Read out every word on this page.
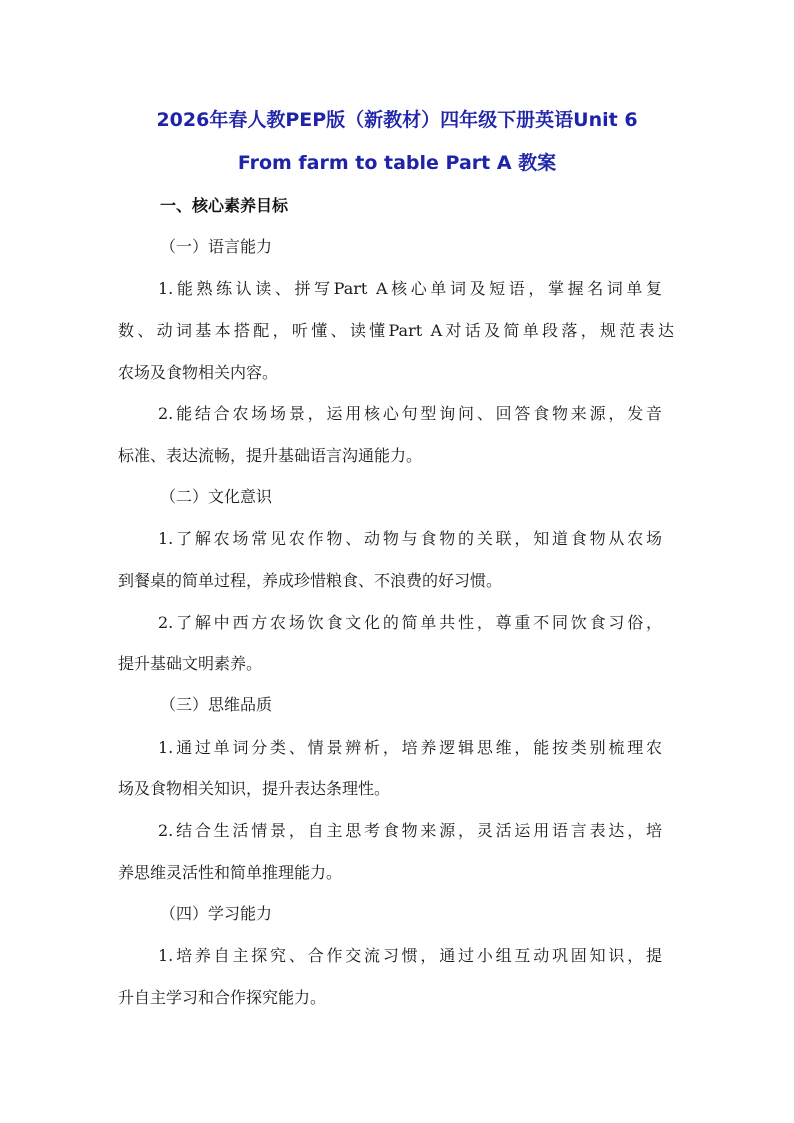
2026年春人教PEP版（新教材）四年级下册英语Unit 6
From farm to table Part A 教案
一、核心素养目标
（一）语言能力
1.能熟练认读、拼写Part A核心单词及短语，掌握名词单复
数、动词基本搭配，听懂、读懂Part A对话及简单段落，规范表达
农场及食物相关内容。
2.能结合农场场景，运用核心句型询问、回答食物来源，发音
标准、表达流畅，提升基础语言沟通能力。
（二）文化意识
1.了解农场常见农作物、动物与食物的关联，知道食物从农场
到餐桌的简单过程，养成珍惜粮食、不浪费的好习惯。
2.了解中西方农场饮食文化的简单共性，尊重不同饮食习俗，
提升基础文明素养。
（三）思维品质
1.通过单词分类、情景辨析，培养逻辑思维，能按类别梳理农
场及食物相关知识，提升表达条理性。
2.结合生活情景，自主思考食物来源，灵活运用语言表达，培
养思维灵活性和简单推理能力。
（四）学习能力
1.培养自主探究、合作交流习惯，通过小组互动巩固知识，提
升自主学习和合作探究能力。
